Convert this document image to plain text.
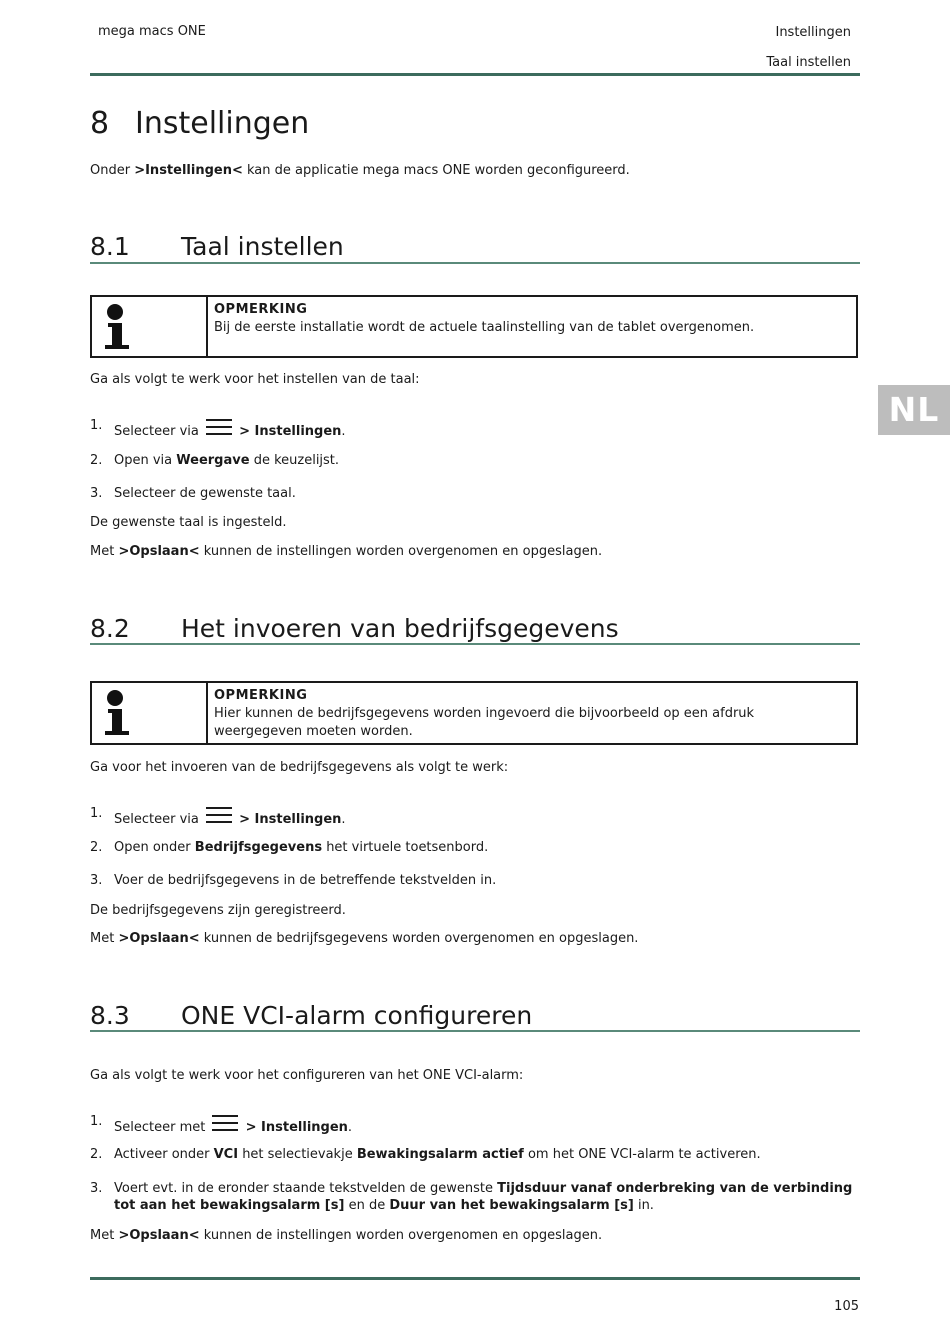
mega macs ONE	Instellingen
Taal instellen
NL
8 Instellingen
Onder >Instellingen< kan de applicatie mega macs ONE worden geconfigureerd.
8.1 Taal instellen
OPMERKING
Bij de eerste installatie wordt de actuele taalinstelling van de tablet overgenomen.
Ga als volgt te werk voor het instellen van de taal:
1. Selecteer via	> Instellingen.
2. Open via Weergave de keuzelijst.
3. Selecteer de gewenste taal.
De gewenste taal is ingesteld.
Met >Opslaan< kunnen de instellingen worden overgenomen en opgeslagen.
8.2 Het invoeren van bedrijfsgegevens
OPMERKING
Hier kunnen de bedrijfsgegevens worden ingevoerd die bijvoorbeeld op een afdruk weergegeven moeten worden.
Ga voor het invoeren van de bedrijfsgegevens als volgt te werk:
1. Selecteer via	> Instellingen.
2. Open onder Bedrijfsgegevens het virtuele toetsenbord.
3. Voer de bedrijfsgegevens in de betreffende tekstvelden in.
De bedrijfsgegevens zijn geregistreerd.
Met >Opslaan< kunnen de bedrijfsgegevens worden overgenomen en opgeslagen.
8.3 ONE VCI-alarm configureren
Ga als volgt te werk voor het configureren van het ONE VCI-alarm:
1. Selecteer met	> Instellingen.
2. Activeer onder VCI het selectievakje Bewakingsalarm actief om het ONE VCI-alarm te activeren.
3. Voert evt. in de eronder staande tekstvelden de gewenste Tijdsduur vanaf onderbreking van de verbinding tot aan het bewakingsalarm [s] en de Duur van het bewakingsalarm [s] in.
Met >Opslaan< kunnen de instellingen worden overgenomen en opgeslagen.
105
